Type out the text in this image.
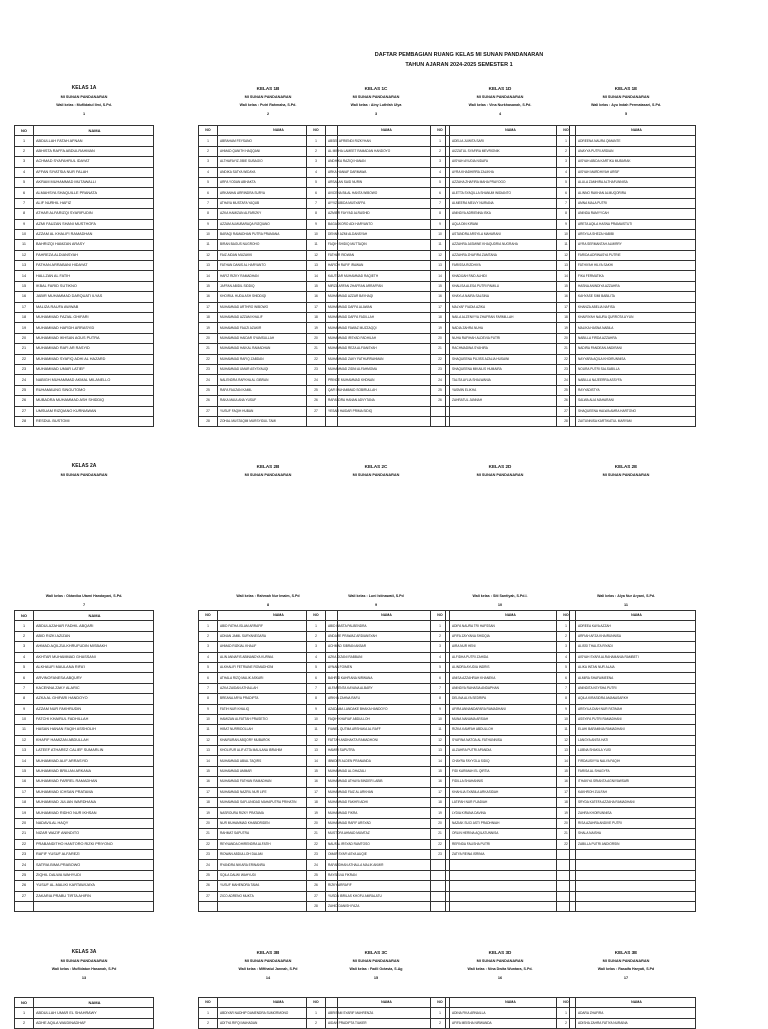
DAFTAR PEMBAGIAN RUANG KELAS MI SUNAN PANDANARAN
TAHUN AJARAN 2024-2025 SEMESTER 1
KELAS 1A
MI SUNAN PANDANARAN
Wali kelas : Muflidatul Ilmi, S.Pd.
1
NO	NAMA
1	ABDULLAH FATAH AFNAN
2	ABHISTA RAFFA ABDULRAHMAN
3	ACHMAD SYAFAHRUL IDAYAT
4	AFFAN SIYATSIA NUR FALAH
5	AKRAM MUHAMMAD MUTAWALLI
6	ALMAHSYA SHAQUILLE PRANATA
7	ALIF NURHIL HAFIZ
8	ATHAR ALFARIZQI SYARIFUDIN
9	AZMI FAUZAN SHANI MUSTHOFA
10	AZZAM AL KHALIFI RAMADHAN
11	BAHRIZQI HAMZAN ARASY
12	FAHREZA ALDIANSYAH
13	FATHAN ARRABANI HIDAYAT
14	HALLZAN AL FATIH
15	IKBAL FARID SUTIKNO
16	JABIR MUHAMMAD DARQUATI ILYAS
17	MALIZA RAUFA AWWAB
18	MUHAMMAD FAZIAL GHIFARI
19	MUHAMMAD HAFIDH ARRASYID
20	MUHAMMAD IKHSAN AGUS PUTRA
21	MUHAMMAD RAFI AR RASYID
22	MUHAMMAD SYAFIQ ADHI AL HAZARD
23	MUHAMMAD UMAR LATIEF
24	NABIGH MUHAMMAD AKMAL MILANELLO
25	RUHAMAUNG SINGUTOMO
26	MUBADRA MUHAMMAD ASH SHIDDIQ
27	UMSUAM RIZQIANO KURNIAWAN
28	RESDUL BUSTOMI
KELAS 1B
MI SUNAN PANDANARAN
Wali kelas : Putri Rahmaha, S.Pd.
2
NO	NAMA
1	ABRAHAM FEYSANO
2	AHMAD QANITH HAQQANI
3	ALTHAFAYIZ JIBIE SUBAGIO
4	ANDIKA SATYA WIDAYA
5	ARFA YODAN ABHAKTA
6	ARKANHAI ARRINDRA SURYA
7	ATHAYA MUSTAFA YAQUB
8	AZKA HAMIZAN ALFARIZKY
9	AZZAM ALMUBARAQA RIZQIANO
10	BARAQI RAMADHAN PUTRA PRAMANA
11	BIRAN BAGUS NUGROHO
12	FAIZ AIDAN MUZAKKI
13	FATHAN DANIS AL HARYANTO
14	HAFIZ RIZKY RAMADHAN
15	JAFFAN ABIDIL SIDDIQ
16	KHOIRUL HUDA ASH SHIDDIQI
17	MUHAMMAD ARTHRO WIBOWO
18	MUHAMMAD AZZAM KHALIF
19	MUHAMMAD FAUZI AZAKIR
20	MUHAMMAD HAIDAR SYAMSULLAH
21	MUHAMMAD HAIKAL RAMADHAN
22	MUHAMMAD RAFIQ ZABDAN
23	MUHAMMAD UMAR ASYSYAUQI
24	NALENDRA RAFKHA AL GIBRAN
25	RAFA FAUZAN KAMIL
26	RAKA MAULANA YUSUF
27	YUSUF FAQIH HUBAN
28	ZOHAL MUSTAQIM MURSYIDUL TAMI
KELAS 1C
MI SUNAN PANDANARAN
Wali kelas : Ainy Luthfah Ulya
3
NO	NAMA
1	ABSEL AFRIENDI RIZKYHAN
2	AL MIRHA LAMEET RAMADAN HANDOYO
3	ANDHIKA RAZIQI HANAN
4	ARKA HANIAF DARMAWA
5	ARSALAN SAID NURIN
6	AVICENA BILAL HANTA WIBOWO
7	AYYIZ UBIDA MUSYAFFA
8	AZMIER FAYYAD ALRASHID
9	BAGASKORO ADI HARYANTO
10	DENNY AZMI ALDANSYAH
11	FAQIH SHIDIQ MUTTAQIN
12	FATHAR RIDWAN
13	HAFIDH RAFIF IRAWAN
14	KAUTSAR MUHAMMAD RAQIETH
15	MIRZA ARFAN ZHAFRAN ARRAFFAN
16	MUHAMMAD AZZAR BAYHAQI
17	MUHAMMAD DAFFA ALAWAN
18	MUHAMMAD DAFFA FADILLAH
19	MUHAMMAD FAWAZ MUZZAQQI
20	MUHAMMAD IRSYAD FADHILAH
21	MUHAMMAD REZA ALFIANSYAH
22	MUHAMMAD ZAKY FATHURRAHMAN
23	MUHAMMAD ZIDNI ALFAHMOMA
24	PRINCE MUHAMMAD KHDNAN
25	QAFI MUHAMMAD SOBIRULLAH
26	RAFASDRA HANAN ADVYTANA
27	YESAR HAIDAR PRIMA SIDIQ

KELAS 1D
MI SUNAN PANDANARAN
Wali kelas : Vina Nurkhasanah, S.Pd.
4
NO	NAMA
1	ADELIA JUWITA SARI
2	AIZZATUL SYAFIRA MEVRIONIK
3	AISYAH AYUDIA NIDAFA
4	AYRA KHADHIRRA ZALIKHA
5	AZZAHA ZHAFIRA MAHA PRAYOGO
6	ALETTA SYAQILLA SHANUM WIDIANTO
7	ALMEERA MELVY NURIANA
8	ANINDYA ADRIENNA ISKA
9	AQLA DIN KIRANI
10	ASTANDRA ARSYILA MAHARANI
11	AZZAHRA JASMINE KHAQUDRIA NUGRAHA
12	AZZAHRA ZHAFIRA ZAMTANA
13	FARISSA RIZDHIYA
14	KHADIJAH FAID ALHIDI
15	KHALISA ALESA PUTRI PAMILU
16	KHAYLA NAIRA SALSINA
17	MALYAF FIADIA AZIKA
18	NAILA ALZENIYYA ZHAFRAN FARMILLAH
19	NADIA ZAHRA NUHA
20	NUHA RAFIHAH ALDEVIA PUTRI
21	RACHMADINA SYAHIRA
22	SHAQUEENA PUJISS AZALIA HUSAINI
23	SHAQUEENA MIKAILIS HUMAIRA
24	TALITA AYLIA SHALWANIA
25	YASMIN ELIKHA
26	ZAHRATUL JANNAH

KELAS 1E
MI SUNAN PANDANARAN
Wali kelas : Ayu Indah Permatasari, S.Pd.
5
NO	NAMA
1	ADREENA NAURA QIMANTE
2	ANAYYA PUTRI ARDIAN
3	AISYAH ABIDA KARTIKA MUBARAK
4	AISYAH MARDHIYAH ARSIF
5	ALULA ZAMHIRA ALTHAFUNNISA
6	ALINNO RAKHAN ALMUQORIRA
7	AMNA MALA PUTRI
8	ANINDA RAMYYCAH
9	ARETA AQILA HASNA PRAMAISTUTI
10	ARSYILA SHEZA HABIBI
11	AYRA SERMANTAH ALMIRRY
12	FARIDA ADRINASYA PUTRIE
13	FATHIYAH HILYA SAKHI
14	FIKA FERMATIKA
15	HASNA ANINDIYA AZZAHRA
16	KAHYASE SIMI BABILITA
17	KHANZA ABELIA NAFISA
18	KHAIRIYAH NAURA QURROTA A'YUN
19	MALIKA HASNA NABILA
20	NABILLA FIRDA AZZAHRA
21	NADIRA PANDEAN ANDIRANI
22	NAYYARA AQILA KHOIRUNNISA
23	NOURA PUTRI SALSABILLA
24	NABILLA NAJEERRA ASSYFA
25	RAYYADISTYA
26	SALWA ALIA MAHARANI
27	SHAQUEENA HALWA AMRA HARTONO
28	ZAITUNNISA KARTIKATUL MARYAM
KELAS 2A
MI SUNAN PANDANARAN
Wali kelas : Oktavika Utami Handayani, S.Pd.
7
NO	NAMA
1	ABDULAZAHAR FADHIL ABQARI
2	ABID RIZKI AZIZAN
3	AHMAD AQILZULKHRUFUDIN MISBAKH
4	AKHTAR MUHAMMAD GHASSANI
5	ALKHAUFI MAULANA RIFA'I
6	ARVINOFANESA ABQURY
7	KACENNA ZAKY ALARIC
8	AZKA AL GHIFARI HANDOYO
9	AZZAM NUR FAKHRUDIN
10	FATCHI KHAIRUL FADHILLAH
11	HASAN HANAN FAQIH ASSHOLIH
12	KHAFIF HAMIZAN ABDULLAH
13	LATEEF ATHAREZ CALIEF SUMARLIN
14	MUHAMMAD ALIF ARRASYID
15	MUHAMMAD BRILIAN ARKANA
16	MUHAMMAD FARREL RAMADHAN
17	MUHAMMAD ICHSAN PRATAMA
18	MUHAMMAD JULIAN WARDHANA
19	MUHAMMAD RIDHO NUR IKHSAN
20	NADAVILAL HAQY
21	NIZAR WAZIF ANINDITO
22	PRABANDITHO HANTORO RIZKI PRIYONO
23	RAFIF YUSUF ALFAREZI
24	SATRIA BIMA PRABOWO
25	ZIQHIL DALWA WAHYUDI
26	YUSUF AL-MALIKI KARTAWIJAYA
27	ZAKARIA PRABU TIRTA AHIFIN

KELAS 2B
MI SUNAN PANDANARAN
Wali kelas : Rahmah Nur Imaim, S.Pd
8
NO	NAMA
1	ABID FATHA ISLAM ARRAFIF
2	ADNAN JAMIL SURYANEGARA
3	AHMAD RIZKIAL KHALIF
4	ALIN ANNAFIS ABINANDYA KURNIA
5	ALKHALIFI FETRIANE ROMADHONI
6	ATHALA RIZQ MALIK ASKARI
7	AZKA ZAIDAN ATHALLAH
8	BREANA ARYA PRADIPTA
9	FATIH NUR KHALIQ
10	HAMIZAN ALFATTAH PRASETIO
11	HIBAT NURRIDOLLAH
12	KHAIRURAN ABQORY MUBAROK
13	KHOLIFUR ALIF ATTA MAULANA IBRAHIM
14	MUHAMMAD ABIAL TAQIRS
15	MUHAMMAD AMMAR
16	MUHAMMAD FATHAN RAMADHAN
17	MUHAMMAD NAZRIL NUR LIFE
18	MUHAMMAD SAFLUNIDAD MAHAPUTRA PRIHATIN
19	NASROURA RIZKY PRATAMA
20	NUR MUHAMMAD KHABIDRIDEN
21	RAHMAT SAPUTRA
22	REYNANDA DHIRENDRA ALFATIH
23	RIDWAN ABDULLOH DALAM
24	RYANDRA NIKARA ERINANRA
25	SQILA DALWI WAHYUDI
26	YUSUF MAHENDRA TAMA
27	ZICO ADRENO MUKTA

KELAS 2C
MI SUNAN PANDANARAN
Wali kelas : Luni Istinawati, S.Pd
9
NO	NAMA
1	ABID HASTA PALBENDRA
2	ANDARE PRAWAZ ARDIANSYAH
3	ACHMAD SIBRAN AKBAR
4	AZKA DIZANI RABBANI
5	AYNAN FOIMEN
6	BAHRID KAHFIANA NIRWANA
7	ALFARENTA KAYANA ALBARY
8	ARKHA ZAHNA RAFLI
9	AZADAMA LANDAKE BHAKA HANDOYO
10	FAQIH KHAFIAF ABDULLOH
11	FIANEL QUTMA ARSHAKA AL RAFF
12	FATTAH ANDHAKTA RAMADHONI
13	HAMIFI SAPUTRA
14	IBNIDER ALDEN PRANANDA
15	MUHAMMAD AL DHAZALI
16	MUHAMMAD ATHAYA BINDER LABIB
17	MUHAMMAD FAIZ AL ARKHAN
18	MUHAMMAD FAKHRI ADHI
19	MUHAMMAD FIKRA
20	MUHAMMAD RAFIF ARSYAD
21	MUSTOFA AHMAD MUMTAZ
22	NAUFAL IRSYAD RAMTOSO
23	OMAR SYAFI ASYA AUQIE
24	RAFARDHAN ATHALLA MALIK AKMIR
25	RAYSELVA FIKRAN
26	RIZKY ARRAFIF
27	YUSDA IBRILAS KHOFU AMRALATU
28	ZAHID DANISH FAZA
KELAS 2D
MI SUNAN PANDANARAN
Wali kelas : Siti Santiyah, S.Pd.I.
10
NO	NAMA
1	ADIFA NAURA TRI HAFSSAN
2	AFIFA ZAYYANA SHIDQIA
3	AIRA NUR HENI
4	ALFIDHA PUTRI ZAHIDA
5	ALINDRA AYUDIA INDRIS
6	ANISA AZZAHRAH KHANEKA
7	ANINDYA RAHASIA ANDAPHAN
8	DELINA ALYA SEDRIPA
9	AFIRA ANNANDAFARA RAMADHANI
10	MUNA NANAMA ARSIAH
11	RIZKA KAMFAH ABDULLOH
12	SYAFINA NATOA AL FATHUNNISA
13	ALZAHRA PUTRI APANDIA
14	CHAYRA FAYYOLA SIDIQ
15	FIDI KARIMAH EL QIRTIA
16	FIDILLA SHAHANNIS
17	KHAHLIA SYABILA ARKASIDAH
18	LATIFAH NUR FUADIAH
19	LYDIA KIRANA DAVINA
20	NAZIAK SUCI ASTI PRADHNIAH
21	ORLIN HERINA AQILATUNNISA
22	REFINDA FALISHA PUTRI
23	ZATYA REINA ISRINIA

KELAS 2E
MI SUNAN PANDANARAN
Wali kelas : Alya Nur Aryani, S.Pd.
11
NO	NAMA
1	ADREEA KAYA AZZAH
2	ARFIAH AFZA KHAIRUNNISA
3	ALISSI THALITA RIYADI
4	AISYAH SYAFA ALRAHAMANIA RAMBETI
5	ALIKA INTAN NUR ALAIA
6	ALMIRA SHAFAIMEENA
7	ANINDITA KEYSHA PUTRI
8	AQILA KIRASIDRA AMANASARKH
9	ARSYILA DIAH NUR FATIMAH
10	ASSYIFA PUTRI RAMADHANI
11	ELAHI BARAMNIA RAMADHANI
12	LANGYA ANITA HATI
13	LUBNA SHAKILA YUSI
14	FIRDAUSIYYA NALYA FAQIH
15	FARISA AL SHAGYFA
16	ITHAKIYA SRIANTA AGNIYAWSARI
17	KAKHROH ZULFAH
18	SRYDA KATEFA AZZAHA RAMADHANI
19	ZAHRA KHOIRUNNISA
20	RISA AZAHRA ANDIVE PUTRI
21	SHALA NAISHA
22	ZABILLA PUTRI ANDIORSIN

KELAS 3A
MI SUNAN PANDANARAN
Wali kelas : Muflidatun Hasanah, S.Pd
13
NO	NAMA
1	ABDULLAH UMAR EL SHAHRAWY
2	ADHE AQILA WAIDINADHAF
KELAS 3B
MI SUNAN PANDANARAN
Wali kelas : Mifthatul Jannah, S.Pd
14
NO	NAMA
1	ABDIYAR NADHIP DAMENDRA SUMORMONO
2	ADITYA RIFQI MAHADAN
KELAS 3C
MI SUNAN PANDANARAN
Wali kelas : Fadli Octavia, S.Ag
15
NO	NAMA
1	ABRISAM SYARIF MAHRENZA
2	AIDAN PRADIPTA TIAKER
KELAS 3D
MI SUNAN PANDANARAN
Wali kelas : Nina Dwita Wuntara, S.Pd.
16
NO	NAMA
1	ADINA FIKA ARNAILLA
2	AFIFA MEISHA NIRWANDA
KELAS 3E
MI SUNAN PANDANARAN
Wali kelas : Rasaifa Haryati, S.Pd
17
NO	NAMA
1	ADARA ZHAFIRA
2	ADISHA ZAHRA FATIYA NURAINA
